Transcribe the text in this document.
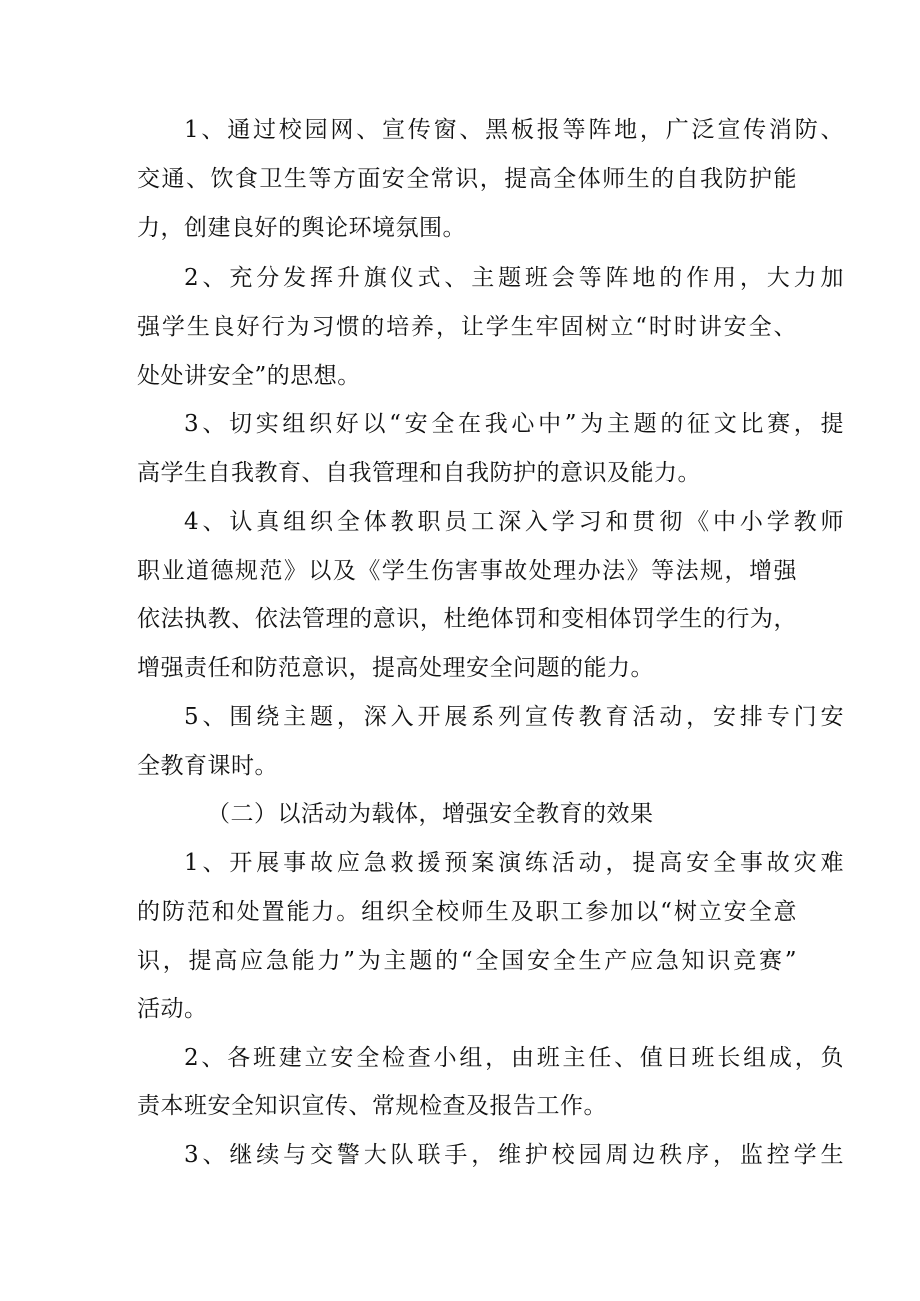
1、通过校园网、宣传窗、黑板报等阵地，广泛宣传消防、
交通、饮食卫生等方面安全常识，提高全体师生的自我防护能
力，创建良好的舆论环境氛围。
2、充分发挥升旗仪式、主题班会等阵地的作用，大力加
强学生良好行为习惯的培养，让学生牢固树立“时时讲安全、
处处讲安全”的思想。
3、切实组织好以“安全在我心中”为主题的征文比赛，提
高学生自我教育、自我管理和自我防护的意识及能力。
4、认真组织全体教职员工深入学习和贯彻《中小学教师
职业道德规范》以及《学生伤害事故处理办法》等法规，增强
依法执教、依法管理的意识，杜绝体罚和变相体罚学生的行为，
增强责任和防范意识，提高处理安全问题的能力。
5、围绕主题，深入开展系列宣传教育活动，安排专门安
全教育课时。
（二）以活动为载体，增强安全教育的效果
1、开展事故应急救援预案演练活动，提高安全事故灾难
的防范和处置能力。组织全校师生及职工参加以“树立安全意
识，提高应急能力”为主题的“全国安全生产应急知识竞赛”
活动。
2、各班建立安全检查小组，由班主任、值日班长组成，负
责本班安全知识宣传、常规检查及报告工作。
3、继续与交警大队联手，维护校园周边秩序，监控学生
